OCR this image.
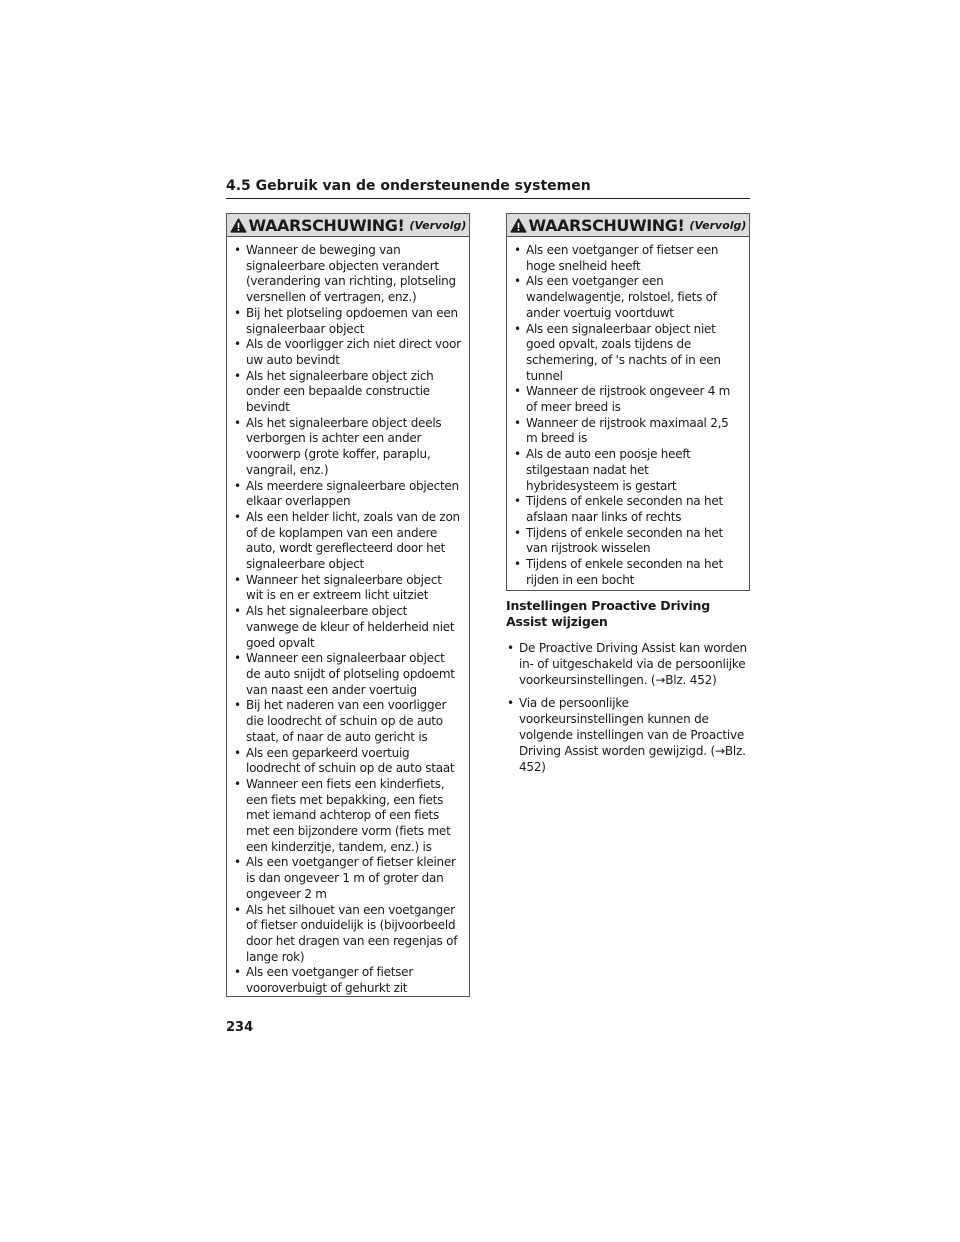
4.5 Gebruik van de ondersteunende systemen
WAARSCHUWING! (Vervolg)
• Wanneer de beweging van signaleerbare objecten verandert (verandering van richting, plotseling versnellen of vertragen, enz.)
• Bij het plotseling opdoemen van een signaleerbaar object
• Als de voorligger zich niet direct voor uw auto bevindt
• Als het signaleerbare object zich onder een bepaalde constructie bevindt
• Als het signaleerbare object deels verborgen is achter een ander voorwerp (grote koffer, paraplu, vangrail, enz.)
• Als meerdere signaleerbare objecten elkaar overlappen
• Als een helder licht, zoals van de zon of de koplampen van een andere auto, wordt gereflecteerd door het signaleerbare object
• Wanneer het signaleerbare object wit is en er extreem licht uitziet
• Als het signaleerbare object vanwege de kleur of helderheid niet goed opvalt
• Wanneer een signaleerbaar object de auto snijdt of plotseling opdoemt van naast een ander voertuig
• Bij het naderen van een voorligger die loodrecht of schuin op de auto staat, of naar de auto gericht is
• Als een geparkeerd voertuig loodrecht of schuin op de auto staat
• Wanneer een fiets een kinderfiets, een fiets met bepakking, een fiets met iemand achterop of een fiets met een bijzondere vorm (fiets met een kinderzitje, tandem, enz.) is
• Als een voetganger of fietser kleiner is dan ongeveer 1 m of groter dan ongeveer 2 m
• Als het silhouet van een voetganger of fietser onduidelijk is (bijvoorbeeld door het dragen van een regenjas of lange rok)
• Als een voetganger of fietser vooroverbuigt of gehurkt zit
WAARSCHUWING! (Vervolg)
• Als een voetganger of fietser een hoge snelheid heeft
• Als een voetganger een wandelwagentje, rolstoel, fiets of ander voertuig voortduwt
• Als een signaleerbaar object niet goed opvalt, zoals tijdens de schemering, of 's nachts of in een tunnel
• Wanneer de rijstrook ongeveer 4 m of meer breed is
• Wanneer de rijstrook maximaal 2,5 m breed is
• Als de auto een poosje heeft stilgestaan nadat het hybridesysteem is gestart
• Tijdens of enkele seconden na het afslaan naar links of rechts
• Tijdens of enkele seconden na het van rijstrook wisselen
• Tijdens of enkele seconden na het rijden in een bocht
Instellingen Proactive Driving Assist wijzigen
• De Proactive Driving Assist kan worden in- of uitgeschakeld via de persoonlijke voorkeursinstellingen. (→Blz. 452)
• Via de persoonlijke voorkeursinstellingen kunnen de volgende instellingen van de Proactive Driving Assist worden gewijzigd. (→Blz. 452)
234
